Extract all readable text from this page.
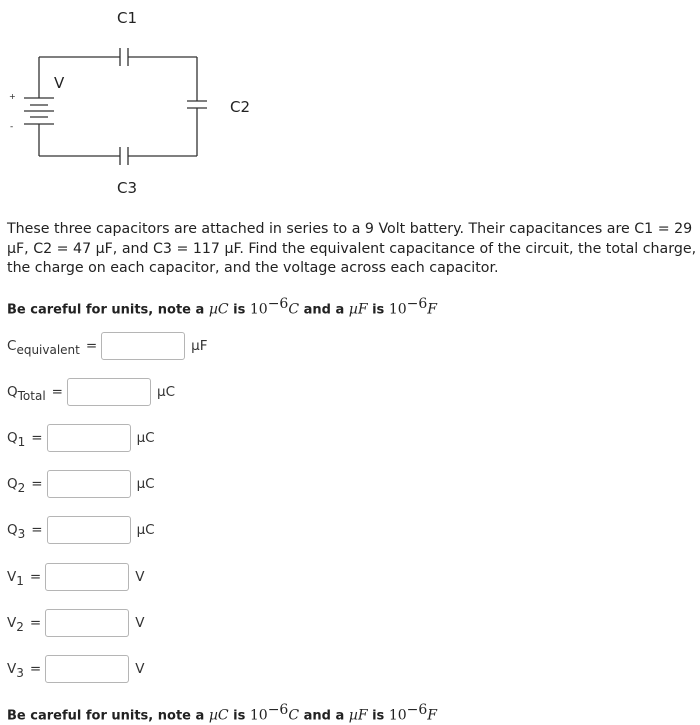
C1
C2
C3
V
+
-

These three capacitors are attached in series to a 9 Volt battery. Their capacitances are C1 = 29 µF, C2 = 47 µF, and C3 = 117 µF. Find the equivalent capacitance of the circuit, the total charge, the charge on each capacitor, and the voltage across each capacitor.

Be careful for units, note a µC is $10^{-6}C$ and a µF is $10^{-6}F$
Cequivalent =	µF
QTotal =	µC
Q1 =	µC
Q2 =	µC
Q3 =	µC
V1 =	V
V2 =	V
V3 =	V
Be careful for units, note a µC is $10^{-6}C$ and a µF is $10^{-6}F$
